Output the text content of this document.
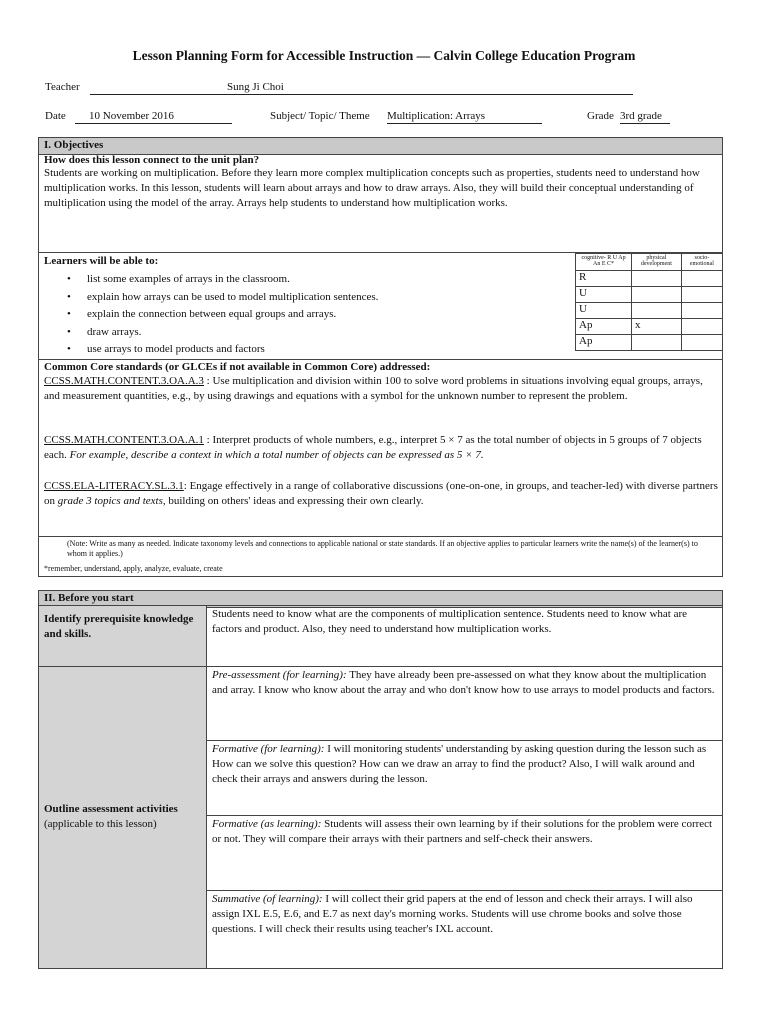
Lesson Planning Form for Accessible Instruction — Calvin College Education Program
Teacher	Sung Ji Choi
Date	10 November 2016	Subject/ Topic/ Theme Multiplication: Arrays	Grade 3rd grade
I. Objectives
How does this lesson connect to the unit plan?
Students are working on multiplication. Before they learn more complex multiplication concepts such as properties, students need to understand how multiplication works. In this lesson, students will learn about arrays and how to draw arrays. Also, they will build their conceptual understanding of multiplication using the model of the array. Arrays help students to understand how multiplication works.
Learners will be able to:
• list some examples of arrays in the classroom.
• explain how arrays can be used to model multiplication sentences.
• explain the connection between equal groups and arrays.
• draw arrays.
• use arrays to model products and factors
cognitive- R U Ap An E C*	physical development	socio- emotional
R		
U		
U		
Ap	x	
Ap		
Common Core standards (or GLCEs if not available in Common Core) addressed:
CCSS.MATH.CONTENT.3.OA.A.3 : Use multiplication and division within 100 to solve word problems in situations involving equal groups, arrays, and measurement quantities, e.g., by using drawings and equations with a symbol for the unknown number to represent the problem.
CCSS.MATH.CONTENT.3.OA.A.1 : Interpret products of whole numbers, e.g., interpret 5 × 7 as the total number of objects in 5 groups of 7 objects each. For example, describe a context in which a total number of objects can be expressed as 5 × 7.
CCSS.ELA-LITERACY.SL.3.1: Engage effectively in a range of collaborative discussions (one-on-one, in groups, and teacher-led) with diverse partners on grade 3 topics and texts, building on others' ideas and expressing their own clearly.
(Note: Write as many as needed. Indicate taxonomy levels and connections to applicable national or state standards. If an objective applies to particular learners write the name(s) of the learner(s) to whom it applies.)
*remember, understand, apply, analyze, evaluate, create
II. Before you start
Identify prerequisite knowledge and skills.
Students need to know what are the components of multiplication sentence. Students need to know what are factors and product. Also, they need to understand how multiplication works.
Outline assessment activities
(applicable to this lesson)
Pre-assessment (for learning): They have already been pre-assessed on what they know about the multiplication and array. I know who know about the array and who don't know how to use arrays to model products and factors.
Formative (for learning): I will monitoring students' understanding by asking question during the lesson such as How can we solve this question? How can we draw an array to find the product? Also, I will walk around and check their arrays and answers during the lesson.
Formative (as learning): Students will assess their own learning by if their solutions for the problem were correct or not. They will compare their arrays with their partners and self-check their answers.
Summative (of learning): I will collect their grid papers at the end of lesson and check their arrays. I will also assign IXL E.5, E.6, and E.7 as next day's morning works. Students will use chrome books and solve those questions. I will check their results using teacher's IXL account.
